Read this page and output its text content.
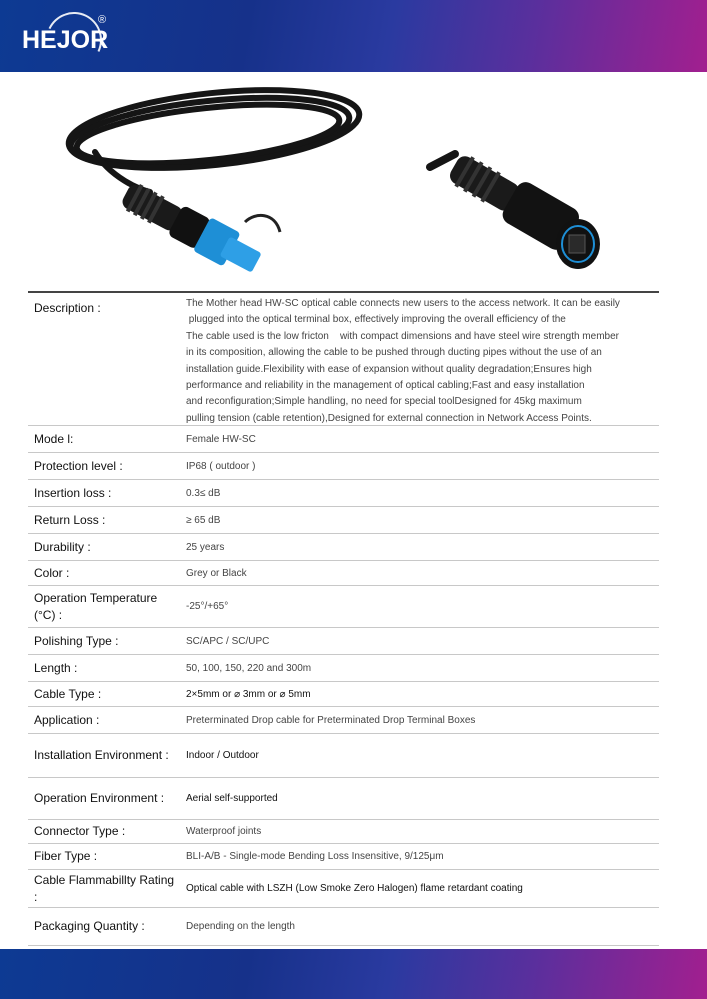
HEJOR
®
Description :	The Mother head HW-SC optical cable connects new users to the access network. It can be easily
plugged into the optical terminal box, effectively improving the overall efficiency of the
The cable used is the low fricton    with compact dimensions and have steel wire strength member
in its composition, allowing the cable to be pushed through ducting pipes without the use of an
installation guide.Flexibility with ease of expansion without quality degradation;Ensures high
performance and reliability in the management of optical cabling;Fast and easy installation
and reconfiguration;Simple handling, no need for special toolDesigned for 45kg maximum
pulling tension (cable retention),Designed for external connection in Network Access Points.
Mode l:	Female HW-SC
Protection level :	IP68 ( outdoor )
Insertion loss :	0.3≤ dB
Return Loss :	≥ 65 dB
Durability :	25 years
Color :	Grey or Black
Operation Temperature (°C) :
-25°/+65°
Polishing Type :	SC/APC / SC/UPC
Length :	50, 100, 150, 220 and 300m
Cable Type :	2×5mm or ⌀ 3mm or ⌀ 5mm
Application :	Preterminated Drop cable for Preterminated Drop Terminal Boxes
Installation Environment :	Indoor / Outdoor
Operation Environment :	Aerial self-supported
Connector Type :	Waterproof joints
Fiber Type :	BLI-A/B - Single-mode Bending Loss Insensitive, 9/125μm
Cable Flammabillty Rating :
Optical cable with LSZH (Low Smoke Zero Halogen) flame retardant coating
Packaging Quantity :	Depending on the length
